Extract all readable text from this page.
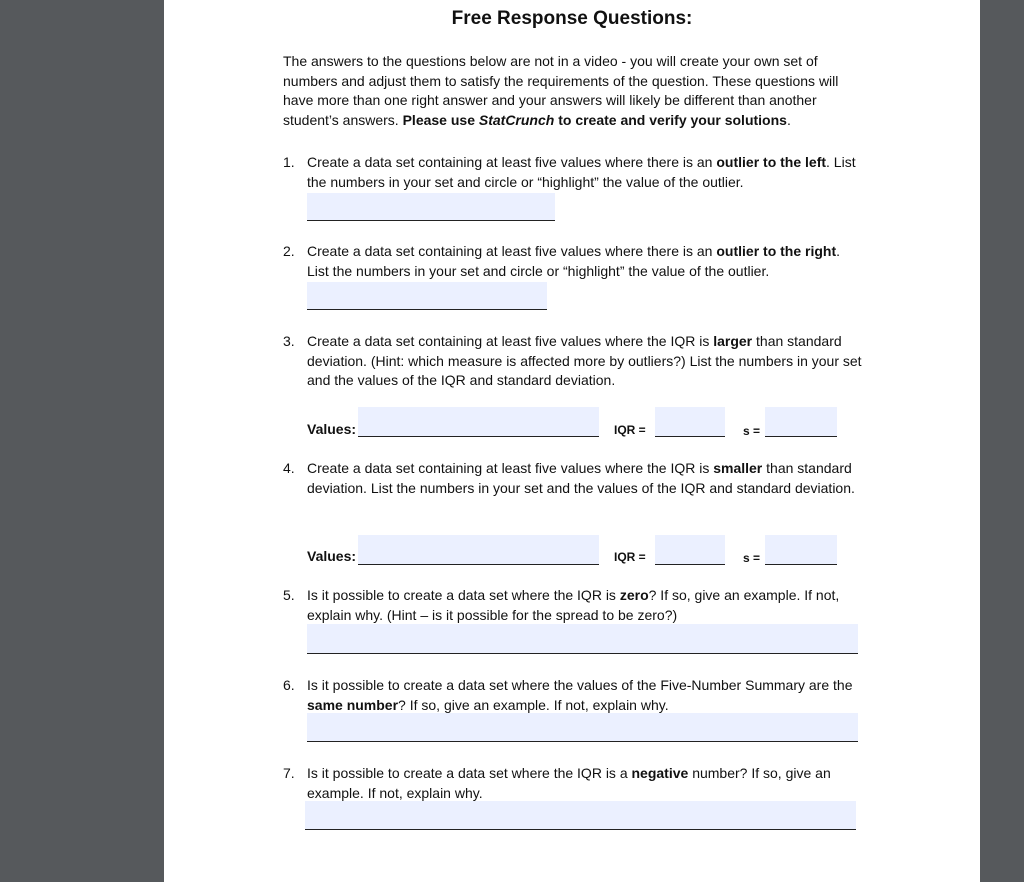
Free Response Questions:
The answers to the questions below are not in a video - you will create your own set of numbers and adjust them to satisfy the requirements of the question. These questions will have more than one right answer and your answers will likely be different than another student’s answers. Please use StatCrunch to create and verify your solutions.
1. Create a data set containing at least five values where there is an outlier to the left. List the numbers in your set and circle or “highlight” the value of the outlier.
2. Create a data set containing at least five values where there is an outlier to the right. List the numbers in your set and circle or “highlight” the value of the outlier.
3. Create a data set containing at least five values where the IQR is larger than standard deviation. (Hint: which measure is affected more by outliers?) List the numbers in your set and the values of the IQR and standard deviation.
Values:	IQR =	s =
4. Create a data set containing at least five values where the IQR is smaller than standard deviation. List the numbers in your set and the values of the IQR and standard deviation.
Values:	IQR =	s =
5. Is it possible to create a data set where the IQR is zero? If so, give an example. If not, explain why. (Hint – is it possible for the spread to be zero?)
6. Is it possible to create a data set where the values of the Five-Number Summary are the same number? If so, give an example. If not, explain why.
7. Is it possible to create a data set where the IQR is a negative number? If so, give an example. If not, explain why.
